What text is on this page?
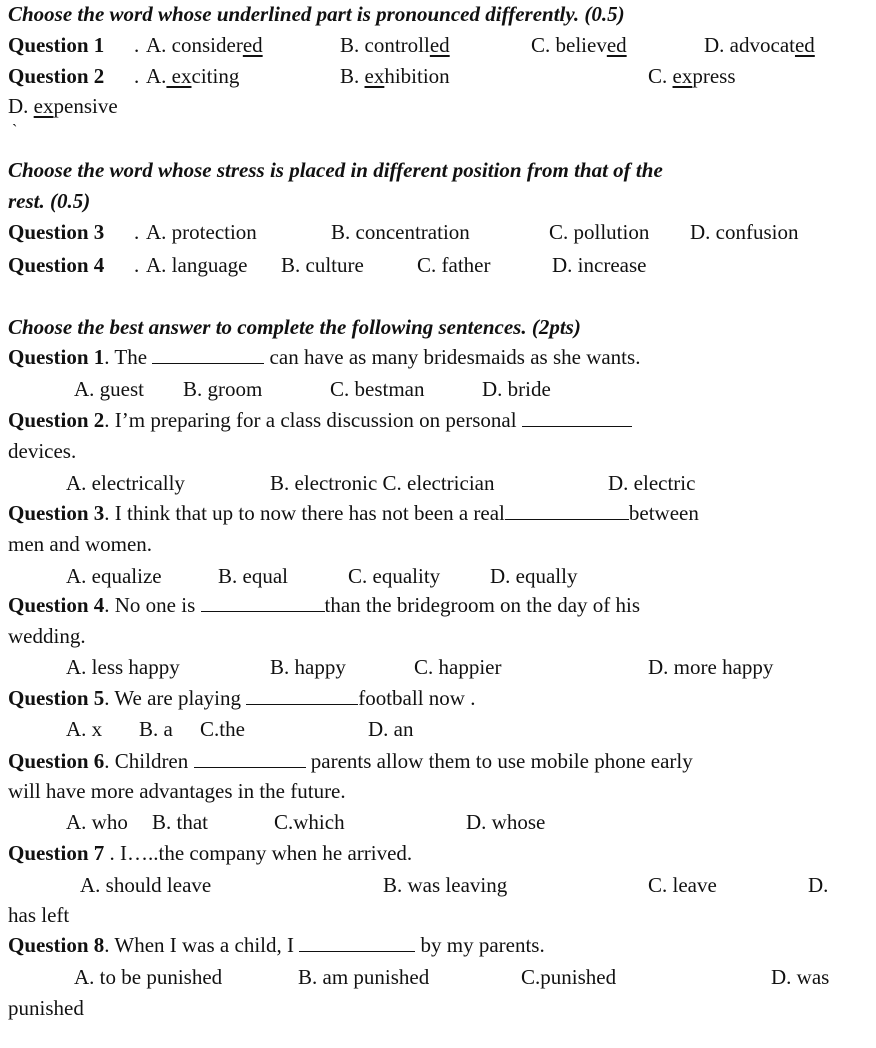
Choose the word whose underlined part is pronounced differently. (0.5)
Question 1 . A. considered	B. controlled	C. believed	D. advocated
Question 2 . A. exciting	B. exhibition	C. express
D. expensive
`
Choose the word whose stress is placed in different position from that of the
rest. (0.5)
Question 3 . A. protection	B. concentration	C. pollution D. confusion
Question 4 . A. language B. culture	C. father	D. increase
Choose the best answer to complete the following sentences. (2pts)
Question 1. The	can have as many bridesmaids as she wants.
A. guest B. groom	C. bestman	D. bride
Question 2. I’m preparing for a class discussion on personal
devices.
A. electrically	B. electronic C. electrician	D. electric
Question 3. I think that up to now there has not been a real	between
men and women.
A. equalize	B. equal	C. equality D. equally
Question 4. No one is	than the bridegroom on the day of his
wedding.
A. less happy	B. happy	C. happier	D. more happy
Question 5. We are playing	football now .
A. x B. a C.the	D. an
Question 6. Children	parents allow them to use mobile phone early
will have more advantages in the future.
A. who B. that	C.which	D. whose
Question 7 . I…..the company when he arrived.
A. should leave	B. was leaving	C. leave	D.
has left
Question 8. When I was a child, I	by my parents.
A. to be punished	B. am punished	C.punished	D. was
punished
